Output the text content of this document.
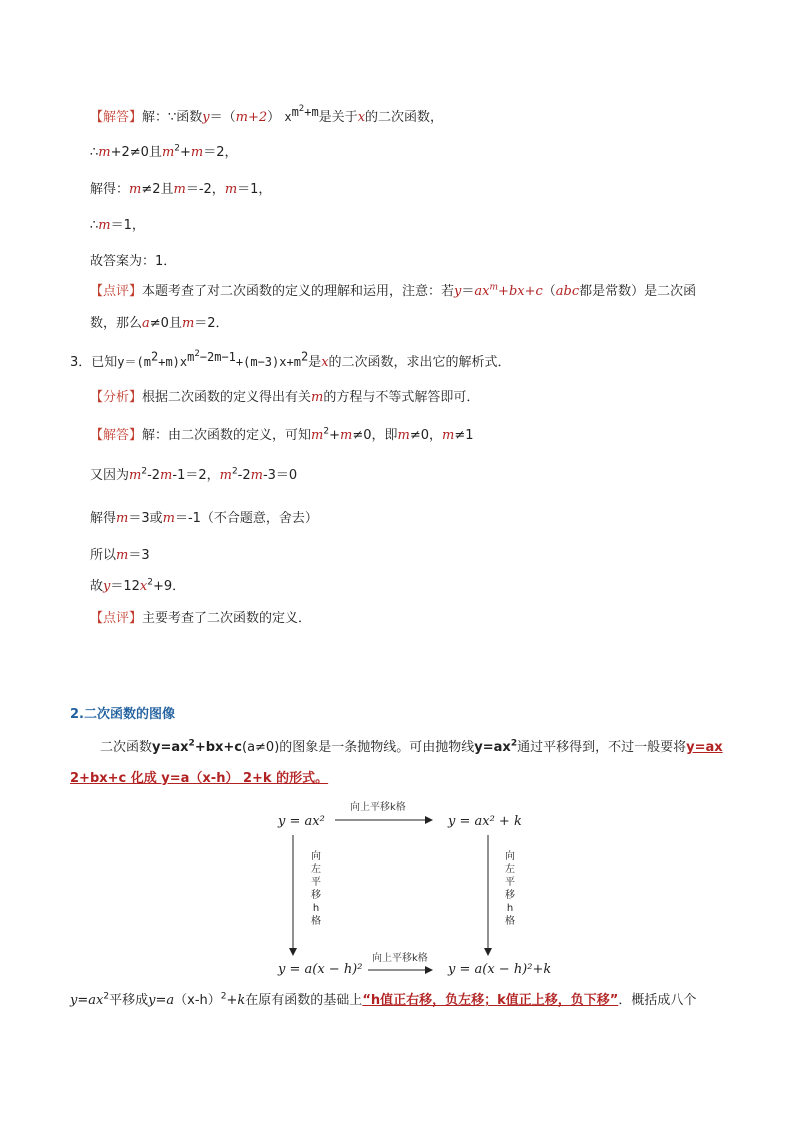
【解答】解：∵函数y＝（m+2） $x^{m^2+m}$是关于x的二次函数，
∴m+2≠0且$m^2+m=2$，
解得：m≠2且m＝-2，m＝1，
∴m＝1，
故答案为：1．
【点评】本题考查了对二次函数的定义的理解和运用，注意：若$y=ax^m+bx+c(abc$都是常数）是二次函
数，那么a≠0且m＝2．
3．已知$y=(m^2+m)x^{m^2-2m-1}+(m-3)x+m^2$是x的二次函数，求出它的解析式．
【分析】根据二次函数的定义得出有关m的方程与不等式解答即可．
【解答】解：由二次函数的定义，可知$m^2+m\ne 0$，即m≠0，m≠1
又因为$m^2-2m-1=2$，$m^2-2m-3=0$
解得m＝3或m＝-1（不合题意，舍去）
所以m＝3
故$y=12x^2+9$．
【点评】主要考查了二次函数的定义．
2.二次函数的图像
二次函数$y=ax^2+bx+c(a\ne 0)$的图象是一条抛物线。可由抛物线$y=ax^2$通过平移得到，不过一般要将y=ax
2+bx+c 化成 y=a（x-h） 2+k 的形式。
y = ax²	y = ax² + k
y = a(x − h)²	y = a(x − h)²+k
向上平移k格
向上平移k格
向左平移h格
向左平移h格
$y=ax^2$平移成$y=a(x-h)^2+k$在原有函数的基础上“h值正右移，负左移；k值正上移，负下移”．概括成八个
